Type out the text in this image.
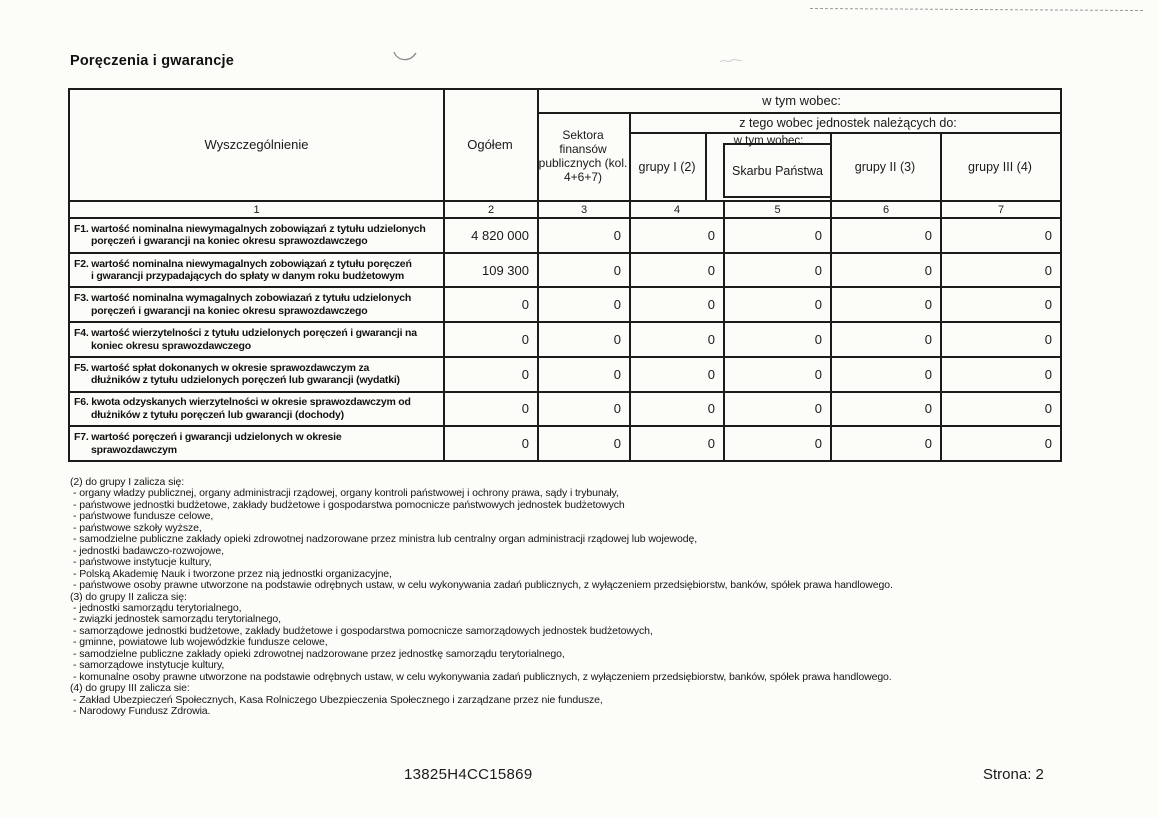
Poręczenia i gwarancje
Wyszczególnienie	Ogółem
w tym wobec:
Sektora finansów publicznych (kol. 4+6+7)
z tego wobec jednostek należących do:
grupy I (2)
w tym wobec:
Skarbu Państwa	grupy II (3)	grupy III (4)
1	2	3	4	5	6	7
F1. wartość nominalna niewymagalnych zobowiązań z tytułu udzielonych
poręczeń i gwarancji na koniec okresu sprawozdawczego	4 820 000	0	0	0	0	0
F2. wartość nominalna niewymagalnych zobowiązań z tytułu poręczeń
i gwarancji przypadających do spłaty w danym roku budżetowym	109 300	0	0	0	0	0
F3. wartość nominalna wymagalnych zobowiazań z tytułu udzielonych
poręczeń i gwarancji na koniec okresu sprawozdawczego	0	0	0	0	0	0
F4. wartość wierzytelności z tytułu udzielonych poręczeń i gwarancji na
koniec okresu sprawozdawczego	0	0	0	0	0	0
F5. wartość spłat dokonanych w okresie sprawozdawczym za
dłużników z tytułu udzielonych poręczeń lub gwarancji (wydatki)	0	0	0	0	0	0
F6. kwota odzyskanych wierzytelności w okresie sprawozdawczym od
dłużników z tytułu poręczeń lub gwarancji (dochody)	0	0	0	0	0	0
F7. wartość poręczeń i gwarancji udzielonych w okresie
sprawozdawczym	0	0	0	0	0	0
(2) do grupy I zalicza się:
- organy władzy publicznej, organy administracji rządowej, organy kontroli państwowej i ochrony prawa, sądy i trybunały,
- państwowe jednostki budżetowe, zakłady budżetowe i gospodarstwa pomocnicze państwowych jednostek budżetowych
- państwowe fundusze celowe,
- państwowe szkoły wyższe,
- samodzielne publiczne zakłady opieki zdrowotnej nadzorowane przez ministra lub centralny organ administracji rządowej lub wojewodę,
- jednostki badawczo-rozwojowe,
- państwowe instytucje kultury,
- Polską Akademię Nauk i tworzone przez nią jednostki organizacyjne,
- państwowe osoby prawne utworzone na podstawie odrębnych ustaw, w celu wykonywania zadań publicznych, z wyłączeniem przedsiębiorstw, banków, spółek prawa handlowego.
(3) do grupy II zalicza się:
- jednostki samorządu terytorialnego,
- związki jednostek samorządu terytorialnego,
- samorządowe jednostki budżetowe, zakłady budżetowe i gospodarstwa pomocnicze samorządowych jednostek budżetowych,
- gminne, powiatowe lub wojewódzkie fundusze celowe,
- samodzielne publiczne zakłady opieki zdrowotnej nadzorowane przez jednostkę samorządu terytorialnego,
- samorządowe instytucje kultury,
- komunalne osoby prawne utworzone na podstawie odrębnych ustaw, w celu wykonywania zadań publicznych, z wyłączeniem przedsiębiorstw, banków, spółek prawa handlowego.
(4) do grupy III zalicza sie:
- Zakład Ubezpieczeń Społecznych, Kasa Rolniczego Ubezpieczenia Społecznego i zarządzane przez nie fundusze,
- Narodowy Fundusz Zdrowia.
13825H4CC15869	Strona: 2
